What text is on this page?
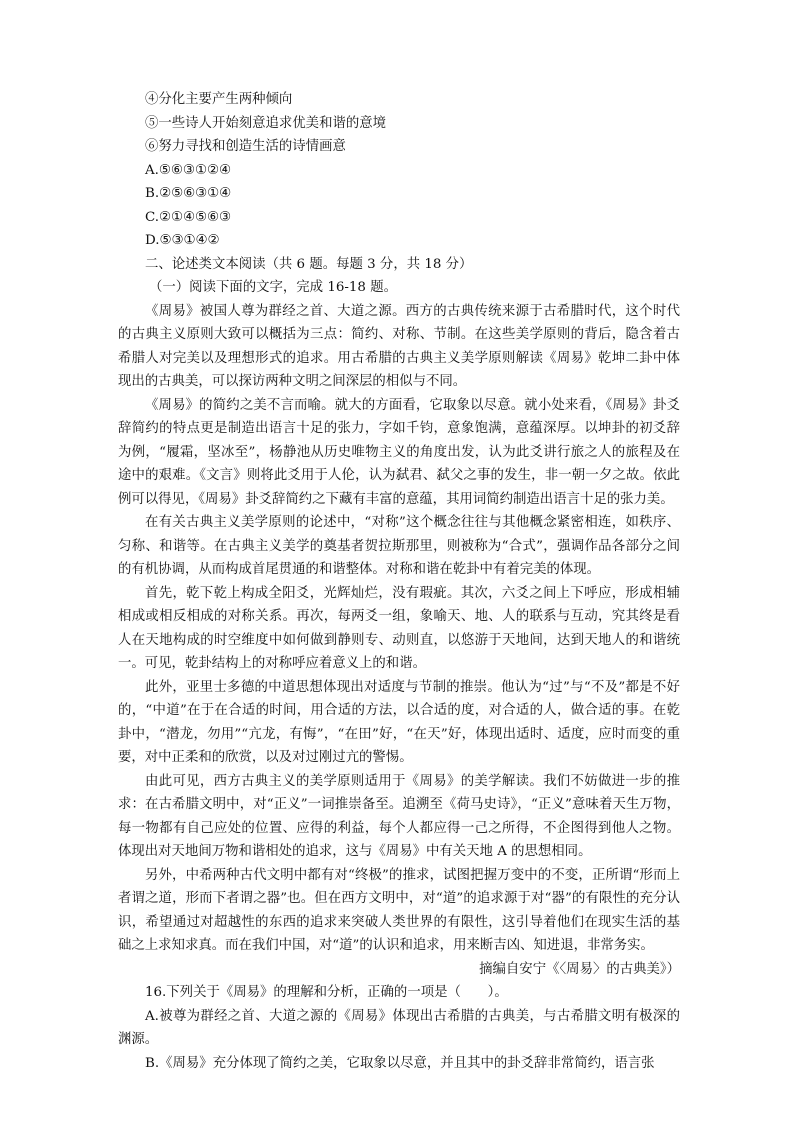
④分化主要产生两种倾向
⑤一些诗人开始刻意追求优美和谐的意境
⑥努力寻找和创造生活的诗情画意
A.⑤⑥③①②④
B.②⑤⑥③①④
C.②①④⑤⑥③
D.⑤③①④②
二、论述类文本阅读（共 6 题。每题 3 分，共 18 分）
（一）阅读下面的文字，完成 16-18 题。

《周易》被国人尊为群经之首、大道之源。西方的古典传统来源于古希腊时代，这个时代的古典主义原则大致可以概括为三点：简约、对称、节制。在这些美学原则的背后，隐含着古希腊人对完美以及理想形式的追求。用古希腊的古典主义美学原则解读《周易》乾坤二卦中体现出的古典美，可以探访两种文明之间深层的相似与不同。

《周易》的简约之美不言而喻。就大的方面看，它取象以尽意。就小处来看，《周易》卦爻辞简约的特点更是制造出语言十足的张力，字如千钧，意象饱满，意蕴深厚。以坤卦的初爻辞为例，“履霜，坚冰至”，杨静池从历史唯物主义的角度出发，认为此爻讲行旅之人的旅程及在途中的艰难。《文言》则将此爻用于人伦，认为弑君、弑父之事的发生，非一朝一夕之故。依此例可以得见，《周易》卦爻辞简约之下藏有丰富的意蕴，其用词简约制造出语言十足的张力美。

在有关古典主义美学原则的论述中，“对称”这个概念往往与其他概念紧密相连，如秩序、匀称、和谐等。在古典主义美学的奠基者贺拉斯那里，则被称为“合式”，强调作品各部分之间的有机协调，从而构成首尾贯通的和谐整体。对称和谐在乾卦中有着完美的体现。

首先，乾下乾上构成全阳爻，光辉灿烂，没有瑕疵。其次，六爻之间上下呼应，形成相辅相成或相反相成的对称关系。再次，每两爻一组，象喻天、地、人的联系与互动，究其终是看人在天地构成的时空维度中如何做到静则专、动则直，以悠游于天地间，达到天地人的和谐统一。可见，乾卦结构上的对称呼应着意义上的和谐。

此外，亚里士多德的中道思想体现出对适度与节制的推崇。他认为“过”与“不及”都是不好的，“中道”在于在合适的时间，用合适的方法，以合适的度，对合适的人，做合适的事。在乾卦中，“潜龙，勿用”“亢龙，有悔”，“在田”好，“在天”好，体现出适时、适度，应时而变的重要，对中正柔和的欣赏，以及对过刚过亢的警惕。

由此可见，西方古典主义的美学原则适用于《周易》的美学解读。我们不妨做进一步的推求：在古希腊文明中，对“正义”一词推崇备至。追溯至《荷马史诗》，“正义”意味着天生万物，每一物都有自己应处的位置、应得的利益，每个人都应得一己之所得，不企图得到他人之物。体现出对天地间万物和谐相处的追求，这与《周易》中有关天地 A 的思想相同。

另外，中希两种古代文明中都有对“终极”的推求，试图把握万变中的不变，正所谓“形而上者谓之道，形而下者谓之器”也。但在西方文明中，对“道”的追求源于对“器”的有限性的充分认识，希望通过对超越性的东西的追求来突破人类世界的有限性，这引导着他们在现实生活的基础之上求知求真。而在我们中国，对“道”的认识和追求，用来断吉凶、知进退，非常务实。

摘编自安宁《〈周易〉的古典美》）
16.下列关于《周易》的理解和分析，正确的一项是（　　）。

A.被尊为群经之首、大道之源的《周易》体现出古希腊的古典美，与古希腊文明有极深的渊源。

B.《周易》充分体现了简约之美，它取象以尽意，并且其中的卦爻辞非常简约，语言张
